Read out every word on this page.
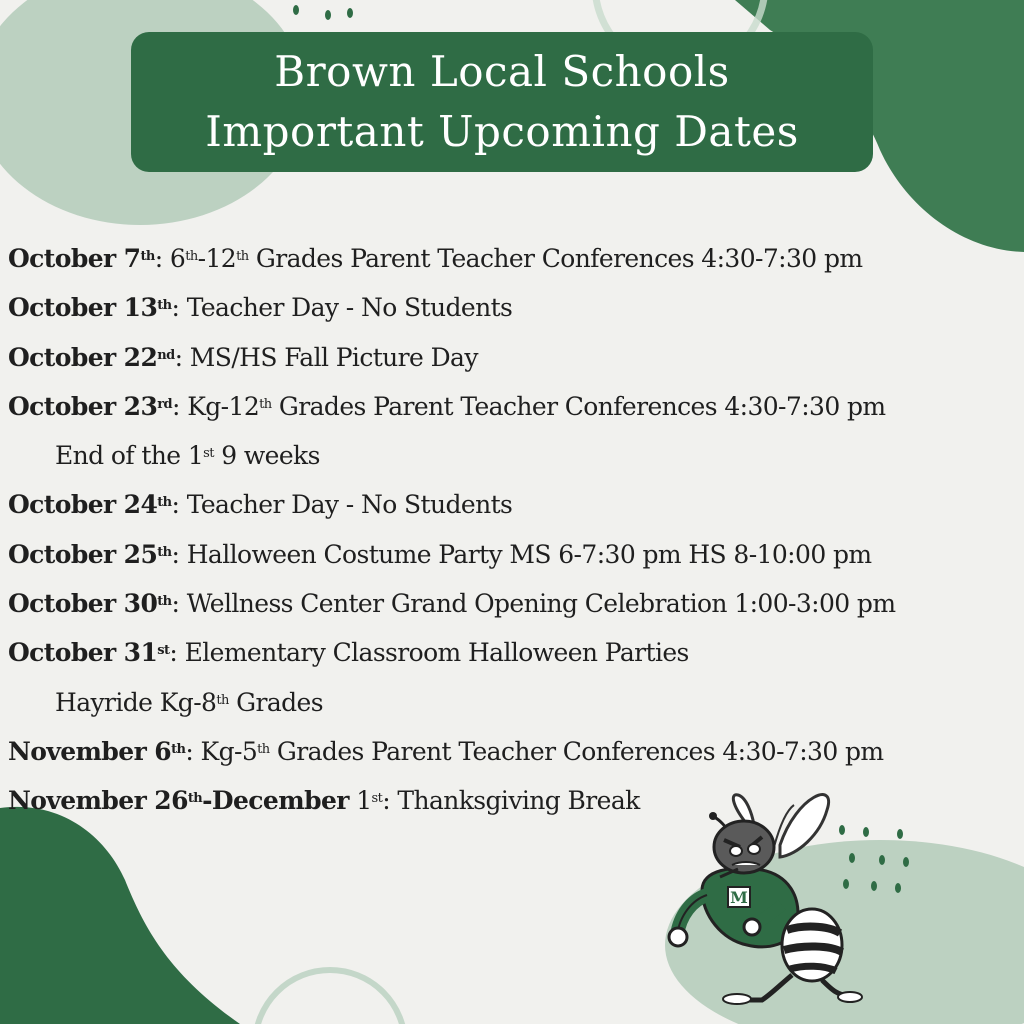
Brown Local Schools
Important Upcoming Dates
October 7th: 6th-12th Grades Parent Teacher Conferences 4:30-7:30 pm
October 13th: Teacher Day - No Students
October 22nd: MS/HS Fall Picture Day
October 23rd: Kg-12th Grades Parent Teacher Conferences 4:30-7:30 pm
End of the 1st 9 weeks
October 24th: Teacher Day - No Students
October 25th: Halloween Costume Party MS 6-7:30 pm HS 8-10:00 pm
October 30th: Wellness Center Grand Opening Celebration 1:00-3:00 pm
October 31st: Elementary Classroom Halloween Parties
Hayride Kg-8th Grades
November 6th: Kg-5th Grades Parent Teacher Conferences 4:30-7:30 pm
November 26th-December 1st: Thanksgiving Break
M
